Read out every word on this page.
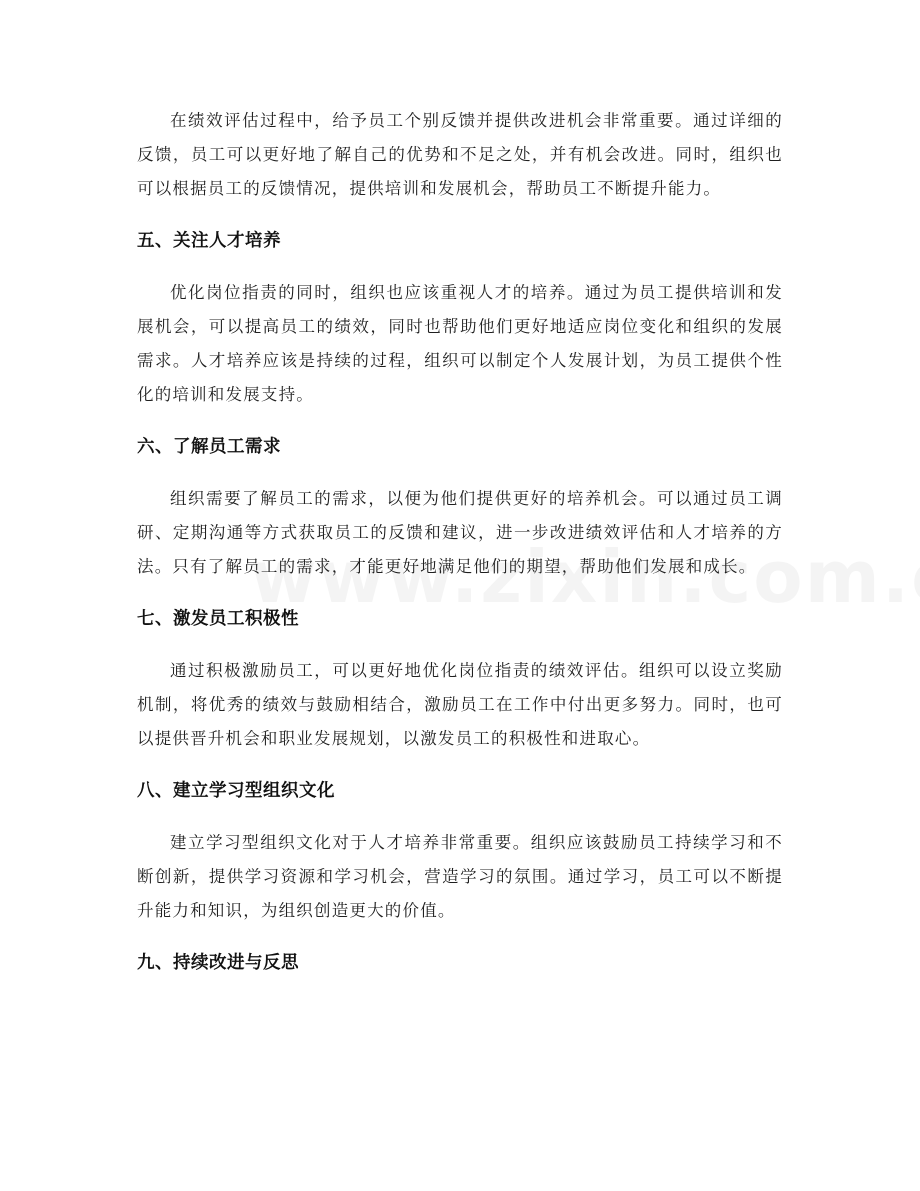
在绩效评估过程中，给予员工个别反馈并提供改进机会非常重要。通过详细的反馈，员工可以更好地了解自己的优势和不足之处，并有机会改进。同时，组织也可以根据员工的反馈情况，提供培训和发展机会，帮助员工不断提升能力。

五、关注人才培养

优化岗位指责的同时，组织也应该重视人才的培养。通过为员工提供培训和发展机会，可以提高员工的绩效，同时也帮助他们更好地适应岗位变化和组织的发展需求。人才培养应该是持续的过程，组织可以制定个人发展计划，为员工提供个性化的培训和发展支持。

六、了解员工需求

组织需要了解员工的需求，以便为他们提供更好的培养机会。可以通过员工调研、定期沟通等方式获取员工的反馈和建议，进一步改进绩效评估和人才培养的方法。只有了解员工的需求，才能更好地满足他们的期望，帮助他们发展和成长。

七、激发员工积极性

通过积极激励员工，可以更好地优化岗位指责的绩效评估。组织可以设立奖励机制，将优秀的绩效与鼓励相结合，激励员工在工作中付出更多努力。同时，也可以提供晋升机会和职业发展规划，以激发员工的积极性和进取心。

八、建立学习型组织文化

建立学习型组织文化对于人才培养非常重要。组织应该鼓励员工持续学习和不断创新，提供学习资源和学习机会，营造学习的氛围。通过学习，员工可以不断提升能力和知识，为组织创造更大的价值。

九、持续改进与反思
